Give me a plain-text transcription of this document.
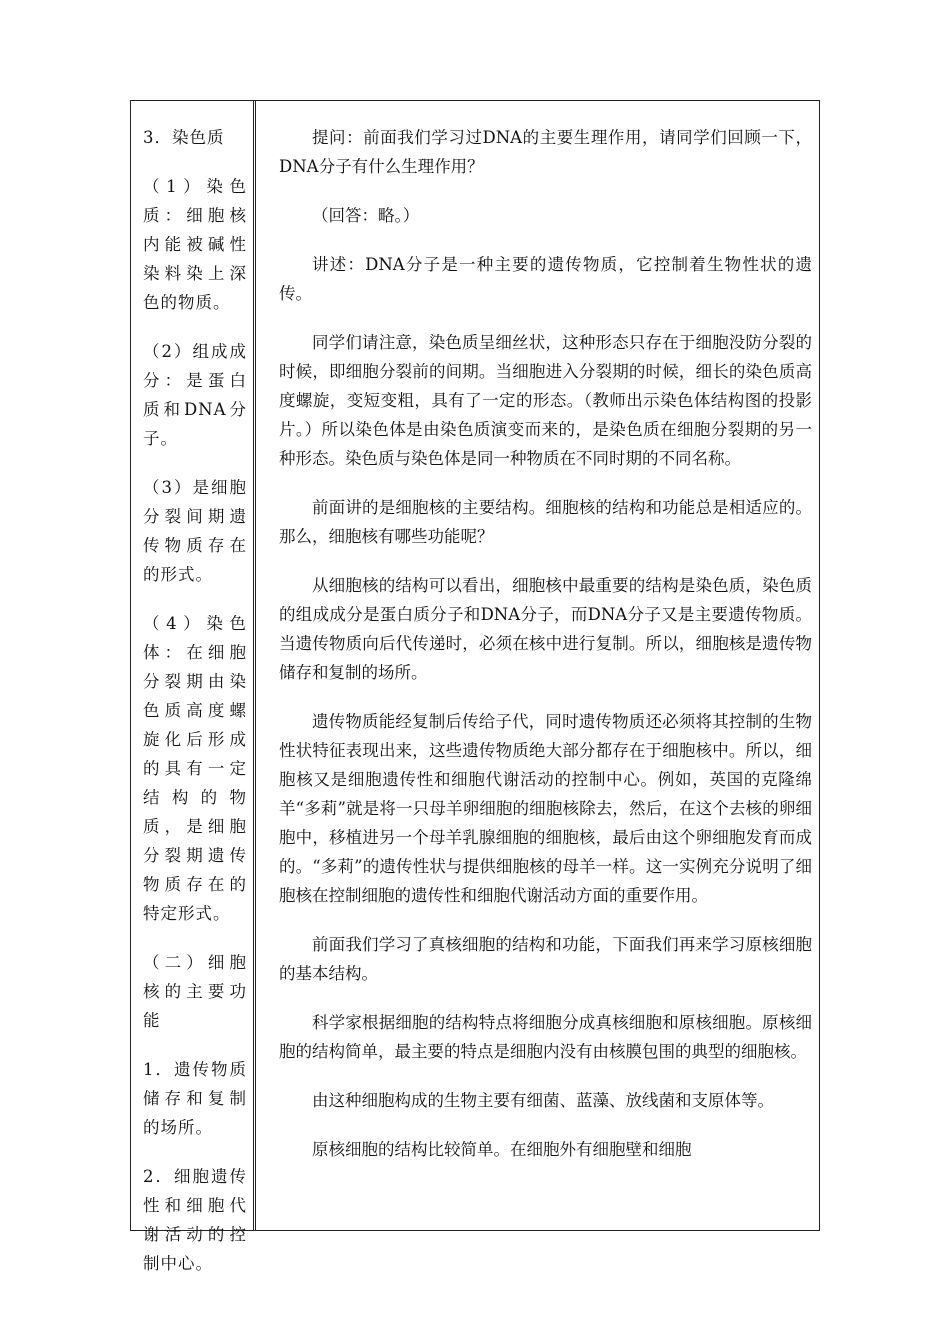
3．染色质

（1）染色质：细胞核内能被碱性染料染上深色的物质。

（2）组成成分：是蛋白质和DNA分子。

（3）是细胞分裂间期遗传物质存在的形式。

（4）染色体：在细胞分裂期由染色质高度螺旋化后形成的具有一定结构的物质，是细胞分裂期遗传物质存在的特定形式。

（二）细胞核的主要功能

1．遗传物质储存和复制的场所。

2．细胞遗传性和细胞代谢活动的控制中心。

提问：前面我们学习过DNA的主要生理作用，请同学们回顾一下，DNA分子有什么生理作用？

（回答：略。）

讲述：DNA分子是一种主要的遗传物质，它控制着生物性状的遗传。

同学们请注意，染色质呈细丝状，这种形态只存在于细胞没防分裂的时候，即细胞分裂前的间期。当细胞进入分裂期的时候，细长的染色质高度螺旋，变短变粗，具有了一定的形态。（教师出示染色体结构图的投影片。）所以染色体是由染色质演变而来的，是染色质在细胞分裂期的另一种形态。染色质与染色体是同一种物质在不同时期的不同名称。

前面讲的是细胞核的主要结构。细胞核的结构和功能总是相适应的。那么，细胞核有哪些功能呢？

从细胞核的结构可以看出，细胞核中最重要的结构是染色质，染色质的组成成分是蛋白质分子和DNA分子，而DNA分子又是主要遗传物质。当遗传物质向后代传递时，必须在核中进行复制。所以，细胞核是遗传物储存和复制的场所。

遗传物质能经复制后传给子代，同时遗传物质还必须将其控制的生物性状特征表现出来，这些遗传物质绝大部分都存在于细胞核中。所以，细胞核又是细胞遗传性和细胞代谢活动的控制中心。例如，英国的克隆绵羊“多莉”就是将一只母羊卵细胞的细胞核除去，然后，在这个去核的卵细胞中，移植进另一个母羊乳腺细胞的细胞核，最后由这个卵细胞发育而成的。“多莉”的遗传性状与提供细胞核的母羊一样。这一实例充分说明了细胞核在控制细胞的遗传性和细胞代谢活动方面的重要作用。

前面我们学习了真核细胞的结构和功能，下面我们再来学习原核细胞的基本结构。

科学家根据细胞的结构特点将细胞分成真核细胞和原核细胞。原核细胞的结构简单，最主要的特点是细胞内没有由核膜包围的典型的细胞核。

由这种细胞构成的生物主要有细菌、蓝藻、放线菌和支原体等。

原核细胞的结构比较简单。在细胞外有细胞壁和细胞
